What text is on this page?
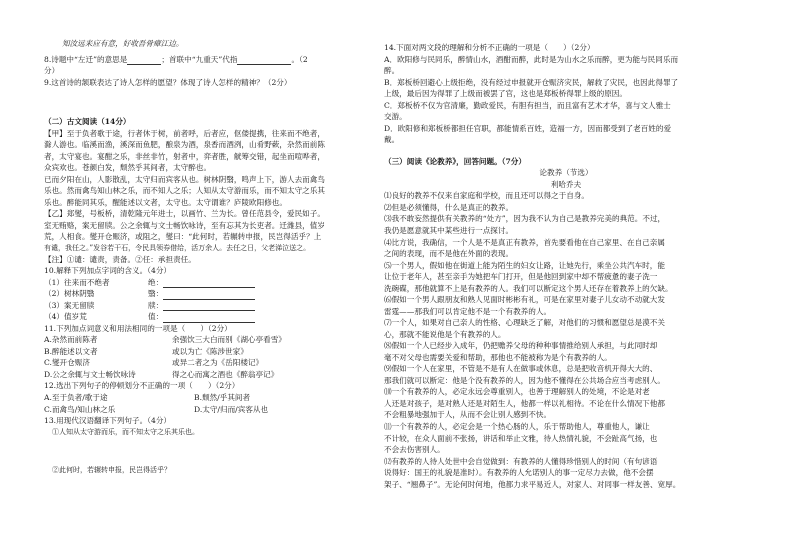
知汝远来应有意，好收吾骨瘴江边。
8.诗题中“左迁”的意思是	；首联中“九重天”代指	。（2
分）
9.这首诗的颔联表达了诗人怎样的愿望？体现了诗人怎样的精神？（2分）
（二）古文阅读（14分）
【甲】至于负者歌于途，行者休于树，前者呼，后者应，伛偻提携，往来而不绝者，
滁人游也。临溪而渔，溪深而鱼肥，酿泉为酒，泉香而酒洌，山肴野蔌，杂然而前陈
者，太守宴也。宴酣之乐，非丝非竹，射者中，弈者胜，觥筹交错，起坐而喧哗者，
众宾欢也。苍颜白发，颓然乎其间者，太守醉也。
已而夕阳在山，人影散乱，太守归而宾客从也。树林阴翳，鸣声上下，游人去而禽鸟
乐也。然而禽鸟知山林之乐，而不知人之乐；人知从太守游而乐，而不知太守之乐其
乐也。醉能同其乐，醒能述以文者，太守也。太守谓谁？庐陵欧阳修也。
【乙】郑燮，号板桥，清乾隆元年进士，以画竹、兰为长。曾任范县令，爱民如子。
室无贿赂，案无留牍。公之余辄与文士畅饮咏诗，至有忘其为长吏者。迁潍县，值岁
荒，人相食。燮开仓赈济，或阻之，燮曰：“此何时，若辗转申报，民岂得活乎？上
有谴，我任之。”发谷若干石，令民具领券借给，活万余人。去任之日，父老涕泣送之。
【注】①谴：谴责，责备。②任：承担责任。
10.解释下列加点字词的含义。（4分）
（1）往来而不绝者	绝：
（2）树林阴翳	翳：
（3）案无留牍	牍：
（4）值岁荒	值：
11.下列加点词意义和用法相同的一项是（　　）（2分）
A.杂然而前陈者	余强饮三大白而别《湖心亭看雪》
B.醉能述以文者	或以为亡《陈涉世家》
C.燮开仓赈济	或异二者之为《岳阳楼记》
D.公之余辄与文士畅饮咏诗	得之心而寓之酒也《醉翁亭记》
12.选出下列句子的停顿划分不正确的一项（　　）（2分）
A.至于负者/歌于途	B.颓然/乎其间者
C.而禽鸟/知山林之乐	D.太守/归而/宾客从也
13.用现代汉语翻译下列句子。（4分）
①人知从太守游而乐，而不知太守之乐其乐也。
②此何时，若辗转申报，民岂得活乎？
14.下面对两文段的理解和分析不正确的一项是（　　）（2分）
A．欧阳修与民同乐，醉情山水，酒酣而醉，此时是为山水之乐而醉，更为能与民同乐而
醉。
B．郑板桥回避心上级拒绝，没有经过申报就开仓赈济灾民，解救了灾民，也因此得罪了
上级，最后因为得罪了上级而被罢了官，这也是郑板桥得罪上级的原因。
C．郑板桥不仅为官清廉，勤政爱民，有胆有担当，而且富有艺术才华，喜与文人雅士
交游。
D．欧阳修和郑板桥都担任官职，都能情系百姓，造福一方，因而都受到了老百姓的爱
戴。
（三）阅读《论教养》，回答问题。（7分）
论教养（节选）
利哈乔夫
⑴良好的教养不仅来自家庭和学校，而且还可以得之于自身。
⑵但是必须懂得，什么是真正的教养。
⑶我不敢妄然提供有关教养的“处方”，因为我不认为自己是教养完美的典范。不过，
我仍是愿意就其中某些进行一点探讨。
⑷比方说，我确信，一个人是不是真正有教养，首先要看他在自己家里、在自己亲属
之间的表现，而不是他在外面的表现。
⑸一个男人，假如他在街道上能为陌生的妇女让路，让她先行，乘坐公共汽车时，能
让位于老年人，甚至亲手为她把车门打开，但是他回到家中却不帮疲惫的妻子洗一
洗碗碟，那他就算不上是有教养的人。我们可以断定这个男人还存在着教养上的欠缺。
⑹假如一个男人跟朋友和熟人见面时彬彬有礼，可是在家里对妻子儿女动不动就大发
雷霆——那我们可以肯定他不是一个有教养的人。
⑺一个人，如果对自己亲人的性格、心理缺乏了解，对他们的习惯和愿望总是漠不关
心，那就不能说他是个有教养的人。
⑻假如一个人已经步入成年，仍把赡养父母的种种事情推给别人承担，与此同时却
毫不对父母也需要关爱和帮助，那他也不能被称为是个有教养的人。
⑼假如一个人在家里，不管是不是有人在做事或休息，总是把收音机开得大大的、
那我们就可以断定：他是个没有教养的人，因为他不懂得在公共场合应当考虑别人。
⑽一个有教养的人，必定永远会尊重别人，也善于理解别人的处境，不论是对老
人还是对孩子，是对熟人还是对陌生人，他都一样以礼相待。不论在什么情况下他都
不会粗暴地强加于人，从而不会让别人感到不快。
⑾一个有教养的人，必定会是一个热心肠的人，乐于帮助他人，尊重他人，谦让
不计较，在众人面前不张扬，讲话和举止文雅，待人热情礼貌，不会趾高气扬，也
不会去伤害别人。
⑿有教养的人待人处世中会自觉做到：有教养的人懂得珍惜别人的时间（有句谚语
说得好：国王的礼貌是准时）。有教养的人允诺别人的事一定尽力去做，他不会摆
架子、“翘鼻子”。无论何时何地，他都力求平易近人，对家人、对同事一样友善、宽厚。
